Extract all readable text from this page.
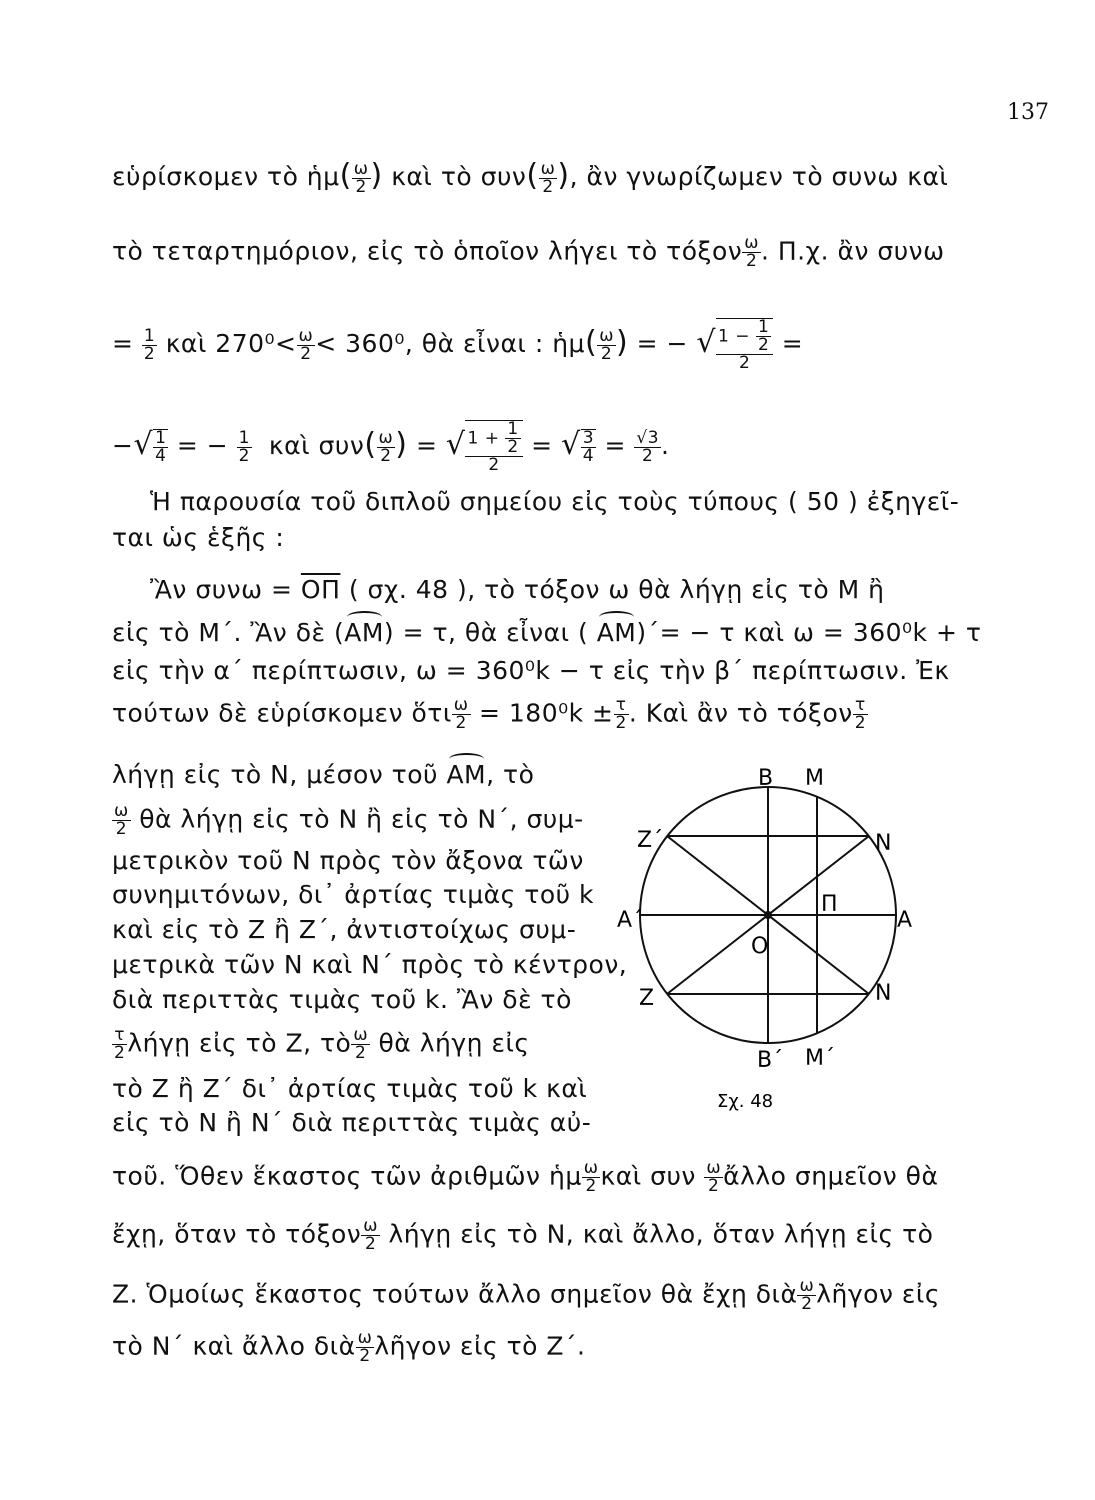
137
εὑρίσκομεν τὸ ἡμ( $\frac{\omega}{2}$ ) καὶ τὸ $\sigma\upsilon\nu( \frac{\omega}{2}$ ), ἂν γνωρίζωμεν τὸ συνω καὶ
τὸ τεταρτημόριον, εἰς τὸ ὁποῖον λήγει τὸ τόξον $\frac{\omega}{2}$ . Π.χ. ἂν συνω
= $\frac{1}{2}$ καὶ $270^0< \frac{\omega}{2} < 360^0$, θὰ εἶναι : ἡμ( $\frac{\omega}{2}$ ) = − √ $\frac{1 - \frac{1}{2}}{2}$ =
−√ $\frac{1}{4}$ = − $\frac{1}{2}$ καὶ $\sigma\upsilon\nu( \frac{\omega}{2}$ ) = √ $\frac{1 + \frac{1}{2}}{2}$ = √ $\frac{3}{4} = \frac{√3}{2}$ .
Ἡ παρουσία τοῦ διπλοῦ σημείου εἰς τοὺς τύπους ( 50 ) ἐξηγεῖ-
ται ὡς ἑξῆς :
Ἂν $\sigma\upsilon\nu\omega = \overline{O\Pi}$ ( σχ. 48 ), τὸ τόξον ω θὰ λήγῃ εἰς τὸ Μ ἢ
εἰς τὸ Μ΄. Ἂν δὲ (ΑΜ) = τ, θὰ εἶναι ( ΑΜ)΄= − τ καὶ ω = 360⁰k + τ
εἰς τὴν α΄ περίπτωσιν, ω = 360⁰k − τ εἰς τὴν β΄ περίπτωσιν. Ἐκ
τούτων δὲ εὑρίσκομεν ὅτι $\frac{\omega}{2} = 180^0k \pm \frac{\tau}{2}$ . Καὶ ἂν τὸ τόξον $\frac{\tau}{2}$
λήγῃ εἰς τὸ Ν, μέσον τοῦ ΑΜ, τὸ
$\frac{\omega}{2}$ θὰ λήγῃ εἰς τὸ Ν ἢ εἰς τὸ Ν΄, συμ-
μετρικὸν τοῦ Ν πρὸς τὸν ἄξονα τῶν
συνημιτόνων, δι᾽ ἀρτίας τιμὰς τοῦ k
καὶ εἰς τὸ Ζ ἢ Ζ΄, ἀντιστοίχως συμ-
μετρικὰ τῶν Ν καὶ Ν΄ πρὸς τὸ κέντρον,
διὰ περιττὰς τιμὰς τοῦ k. Ἂν δὲ τὸ
$\frac{\tau}{2}$ λήγῃ εἰς τὸ Ζ, τὸ $\frac{\omega}{2}$ θὰ λήγῃ εἰς
τὸ Ζ ἢ Ζ΄ δι᾽ ἀρτίας τιμὰς τοῦ k καὶ
εἰς τὸ Ν ἢ Ν΄ διὰ περιττὰς τιμὰς αὐ-
Β Μ
Ζ΄	Ν
Α΄
Π
Α
Ο
Ζ	Ν
Β΄ Μ΄
Σχ. 48
τοῦ. Ὅθεν ἕκαστος τῶν ἀριθμῶν ἡμ $\frac{\omega}{2}$ καὶ συν $\frac{\omega}{2}$ ἄλλο σημεῖον θὰ
ἔχῃ, ὅταν τὸ τόξον $\frac{\omega}{2}$ λήγῃ εἰς τὸ Ν, καὶ ἄλλο, ὅταν λήγῃ εἰς τὸ
Ζ. Ὁμοίως ἕκαστος τούτων ἄλλο σημεῖον θὰ ἔχῃ διὰ $\frac{\omega}{2}$ λῆγον εἰς
τὸ Ν΄ καὶ ἄλλο διὰ $\frac{\omega}{2}$ λῆγον εἰς τὸ Ζ΄.
